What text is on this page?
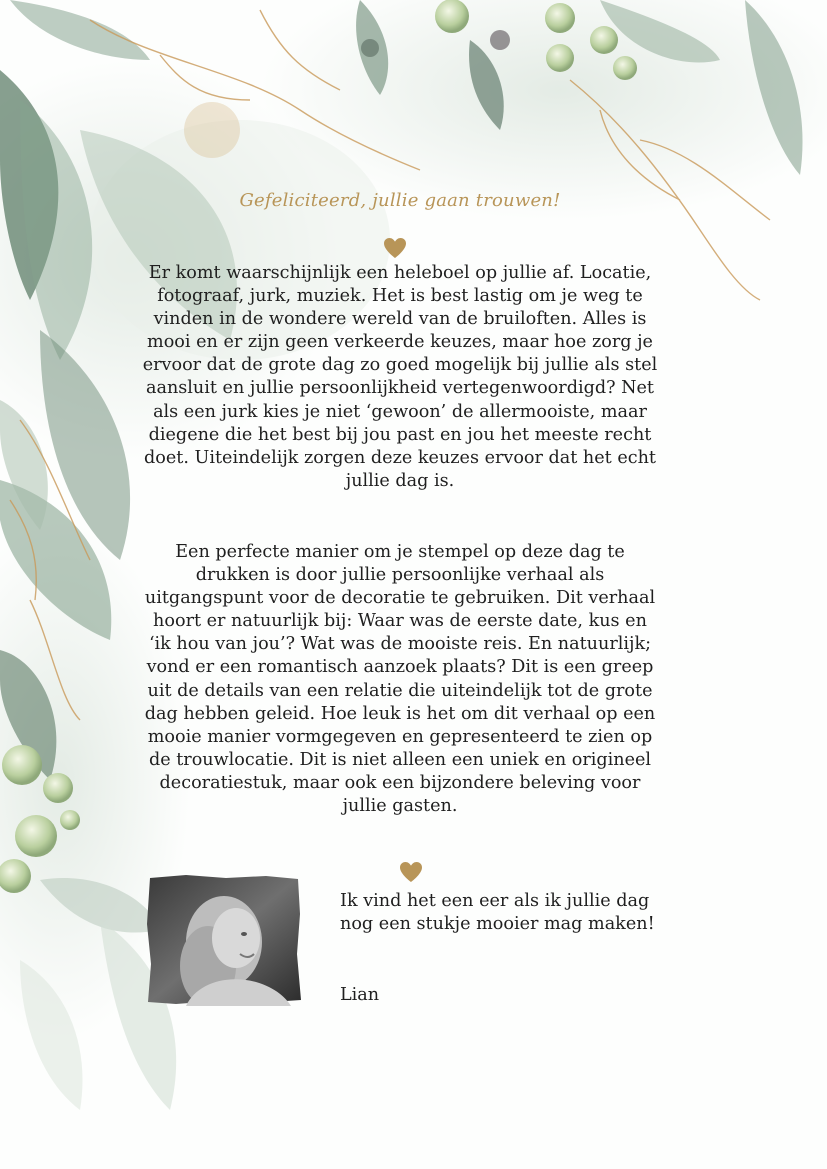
Gefeliciteerd, jullie gaan trouwen!

Er komt waarschijnlijk een heleboel op jullie af. Locatie, fotograaf, jurk, muziek. Het is best lastig om je weg te vinden in de wondere wereld van de bruiloften. Alles is mooi en er zijn geen verkeerde keuzes, maar hoe zorg je ervoor dat de grote dag zo goed mogelijk bij jullie als stel aansluit en jullie persoonlijkheid vertegenwoordigd? Net als een jurk kies je niet ‘gewoon’ de allermooiste, maar diegene die het best bij jou past en jou het meeste recht doet. Uiteindelijk zorgen deze keuzes ervoor dat het echt jullie dag is.

Een perfecte manier om je stempel op deze dag te drukken is door jullie persoonlijke verhaal als uitgangspunt voor de decoratie te gebruiken. Dit verhaal hoort er natuurlijk bij: Waar was de eerste date, kus en ‘ik hou van jou’? Wat was de mooiste reis. En natuurlijk; vond er een romantisch aanzoek plaats? Dit is een greep uit de details van een relatie die uiteindelijk tot de grote dag hebben geleid. Hoe leuk is het om dit verhaal op een mooie manier vormgegeven en gepresenteerd te zien op de trouwlocatie. Dit is niet alleen een uniek en origineel decoratiestuk, maar ook een bijzondere beleving voor jullie gasten.

Ik vind het een eer als ik jullie dag nog een stukje mooier mag maken!
Lian
